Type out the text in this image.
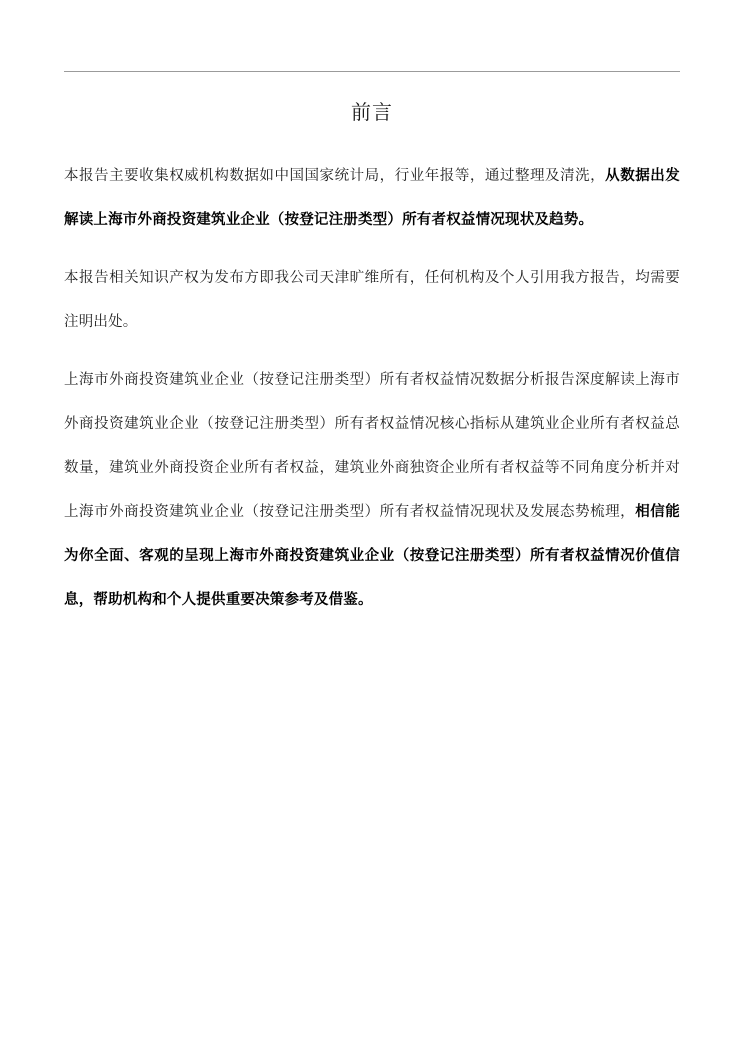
前言

本报告主要收集权威机构数据如中国国家统计局，行业年报等，通过整理及清洗，从数据出发解读上海市外商投资建筑业企业（按登记注册类型）所有者权益情况现状及趋势。

本报告相关知识产权为发布方即我公司天津旷维所有，任何机构及个人引用我方报告，均需要注明出处。

上海市外商投资建筑业企业（按登记注册类型）所有者权益情况数据分析报告深度解读上海市外商投资建筑业企业（按登记注册类型）所有者权益情况核心指标从建筑业企业所有者权益总数量，建筑业外商投资企业所有者权益，建筑业外商独资企业所有者权益等不同角度分析并对上海市外商投资建筑业企业（按登记注册类型）所有者权益情况现状及发展态势梳理，相信能为你全面、客观的呈现上海市外商投资建筑业企业（按登记注册类型）所有者权益情况价值信息，帮助机构和个人提供重要决策参考及借鉴。
